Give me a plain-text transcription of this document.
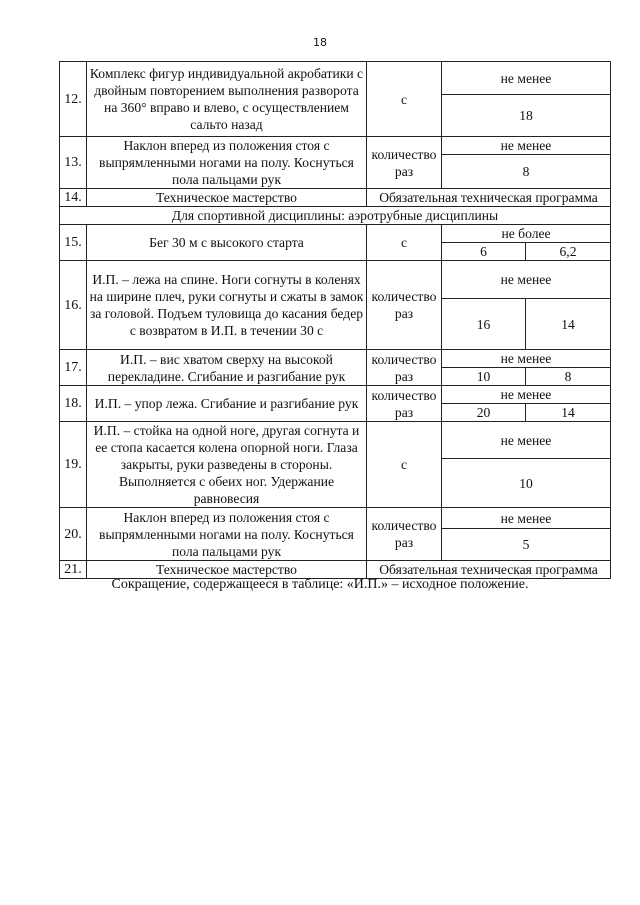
18
12.	Комплекс фигур индивидуальной акробатики с двойным повторением выполнения разворота на 360° вправо и влево, с осуществлением сальто назад	с	не менее	
			18	
13.	Наклон вперед из положения стоя с выпрямленными ногами на полу. Коснуться пола пальцами рук	количество раз	не менее	
			8	
14.	Техническое мастерство	Обязательная техническая программа		
Для спортивной дисциплины: аэротрубные дисциплины				
15.	Бег 30 м с высокого старта	с	не более	
			6	6,2
16.	И.П. – лежа на спине. Ноги согнуты в коленях на ширине плеч, руки согнуты и сжаты в замок за головой. Подъем туловища до касания бедер с возвратом в И.П. в течении 30 с	количество раз	не менее	
			16	14
17.	И.П. – вис хватом сверху на высокой перекладине. Сгибание и разгибание рук	количество раз	не менее	
			10	8
18.	И.П. – упор лежа. Сгибание и разгибание рук	количество раз	не менее	
			20	14
19.	И.П. – стойка на одной ноге, другая согнута и ее стопа касается колена опорной ноги. Глаза закрыты, руки разведены в стороны. Выполняется с обеих ног. Удержание равновесия	с	не менее	
			10	
20.	Наклон вперед из положения стоя с выпрямленными ногами на полу. Коснуться пола пальцами рук	количество раз	не менее	
			5	
21.	Техническое мастерство	Обязательная техническая программа		
Сокращение, содержащееся в таблице: «И.П.» – исходное положение.
